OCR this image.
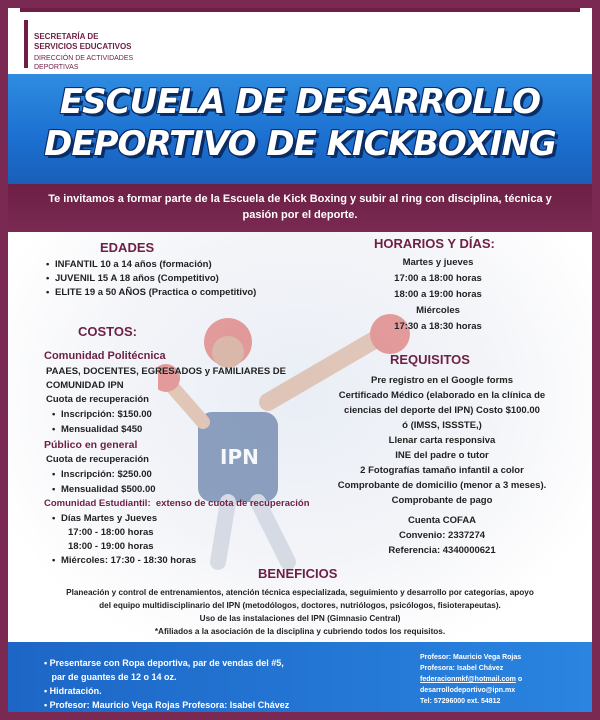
SECRETARÍA DE
SERVICIOS EDUCATIVOS
DIRECCIÓN DE ACTIVIDADES
DEPORTIVAS
ESCUELA DE DESARROLLO
DEPORTIVO DE KICKBOXING

Te invitamos a formar parte de la Escuela de Kick Boxing y subir al ring con disciplina, técnica y
pasión por el deporte.

IPN
EDADES
• INFANTIL 10 a 14 años (formación)
• JUVENIL 15 A 18 años (Competitivo)
• ELITE 19 a 50 AÑOS (Practica o competitivo)
HORARIOS Y DÍAS:
Martes y jueves
17:00 a 18:00 horas
18:00 a 19:00 horas
Miércoles
17:30 a 18:30 horas
COSTOS:
Comunidad Politécnica
PAAES, DOCENTES, EGRESADOS y FAMILIARES DE
COMUNIDAD IPN
Cuota de recuperación
• Inscripción: $150.00
• Mensualidad $450
Público en general
Cuota de recuperación
• Inscripción: $250.00
• Mensualidad $500.00
Comunidad Estudiantil: extenso de cuota de recuperación
• Días Martes y Jueves
17:00 - 18:00 horas
18:00 - 19:00 horas
• Miércoles: 17:30 - 18:30 horas
REQUISITOS
Pre registro en el Google forms
Certificado Médico (elaborado en la clínica de
ciencias del deporte del IPN) Costo $100.00
ó (IMSS, ISSSTE,)
Llenar carta responsiva
INE del padre o tutor
2 Fotografías tamaño infantil a color
Comprobante de domicilio (menor a 3 meses).
Comprobante de pago
Cuenta COFAA
Convenio: 2337274
Referencia: 4340000621
BENEFICIOS
Planeación y control de entrenamientos, atención técnica especializada, seguimiento y desarrollo por categorías, apoyo
del equipo multidisciplinario del IPN (metodólogos, doctores, nutriólogos, psicólogos, fisioterapeutas).
Uso de las instalaciones del IPN (Gimnasio Central)
*Afiliados a la asociación de la disciplina y cubriendo todos los requisitos.
• Presentarse con Ropa deportiva, par de vendas del #5,
par de guantes de 12 o 14 oz.
• Hidratación.
• Profesor: Mauricio Vega Rojas Profesora: Isabel Chávez
Profesor: Mauricio Vega Rojas
Profesora: Isabel Chávez
federacionmkf@hotmail.com o
desarrollodeportivo@ipn.mx
Tel: 57296000 ext. 54812
